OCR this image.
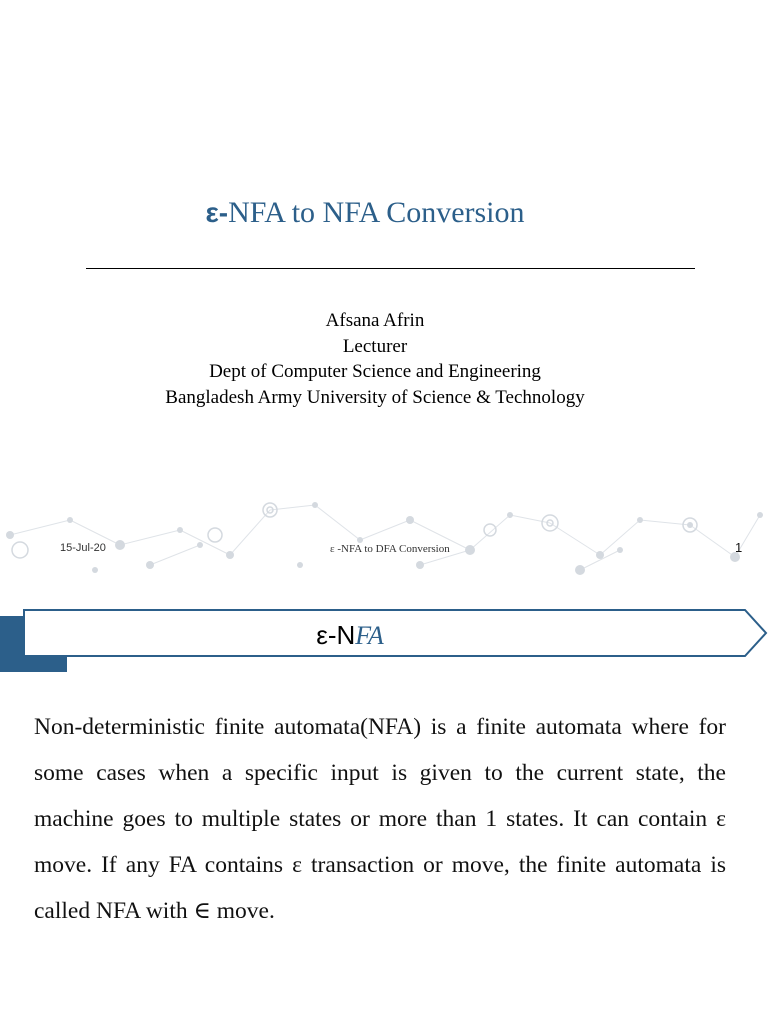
ε-NFA to NFA Conversion
Afsana Afrin
Lecturer
Dept of Computer Science and Engineering
Bangladesh Army University of Science & Technology
15-Jul-20	ε -NFA to DFA Conversion	1
ε-NFA
Non-deterministic finite automata(NFA) is a finite automata where for some cases when a specific input is given to the current state, the machine goes to multiple states or more than 1 states. It can contain ε move. If any FA contains ε transaction or move, the finite automata is called NFA with ∈ move.
